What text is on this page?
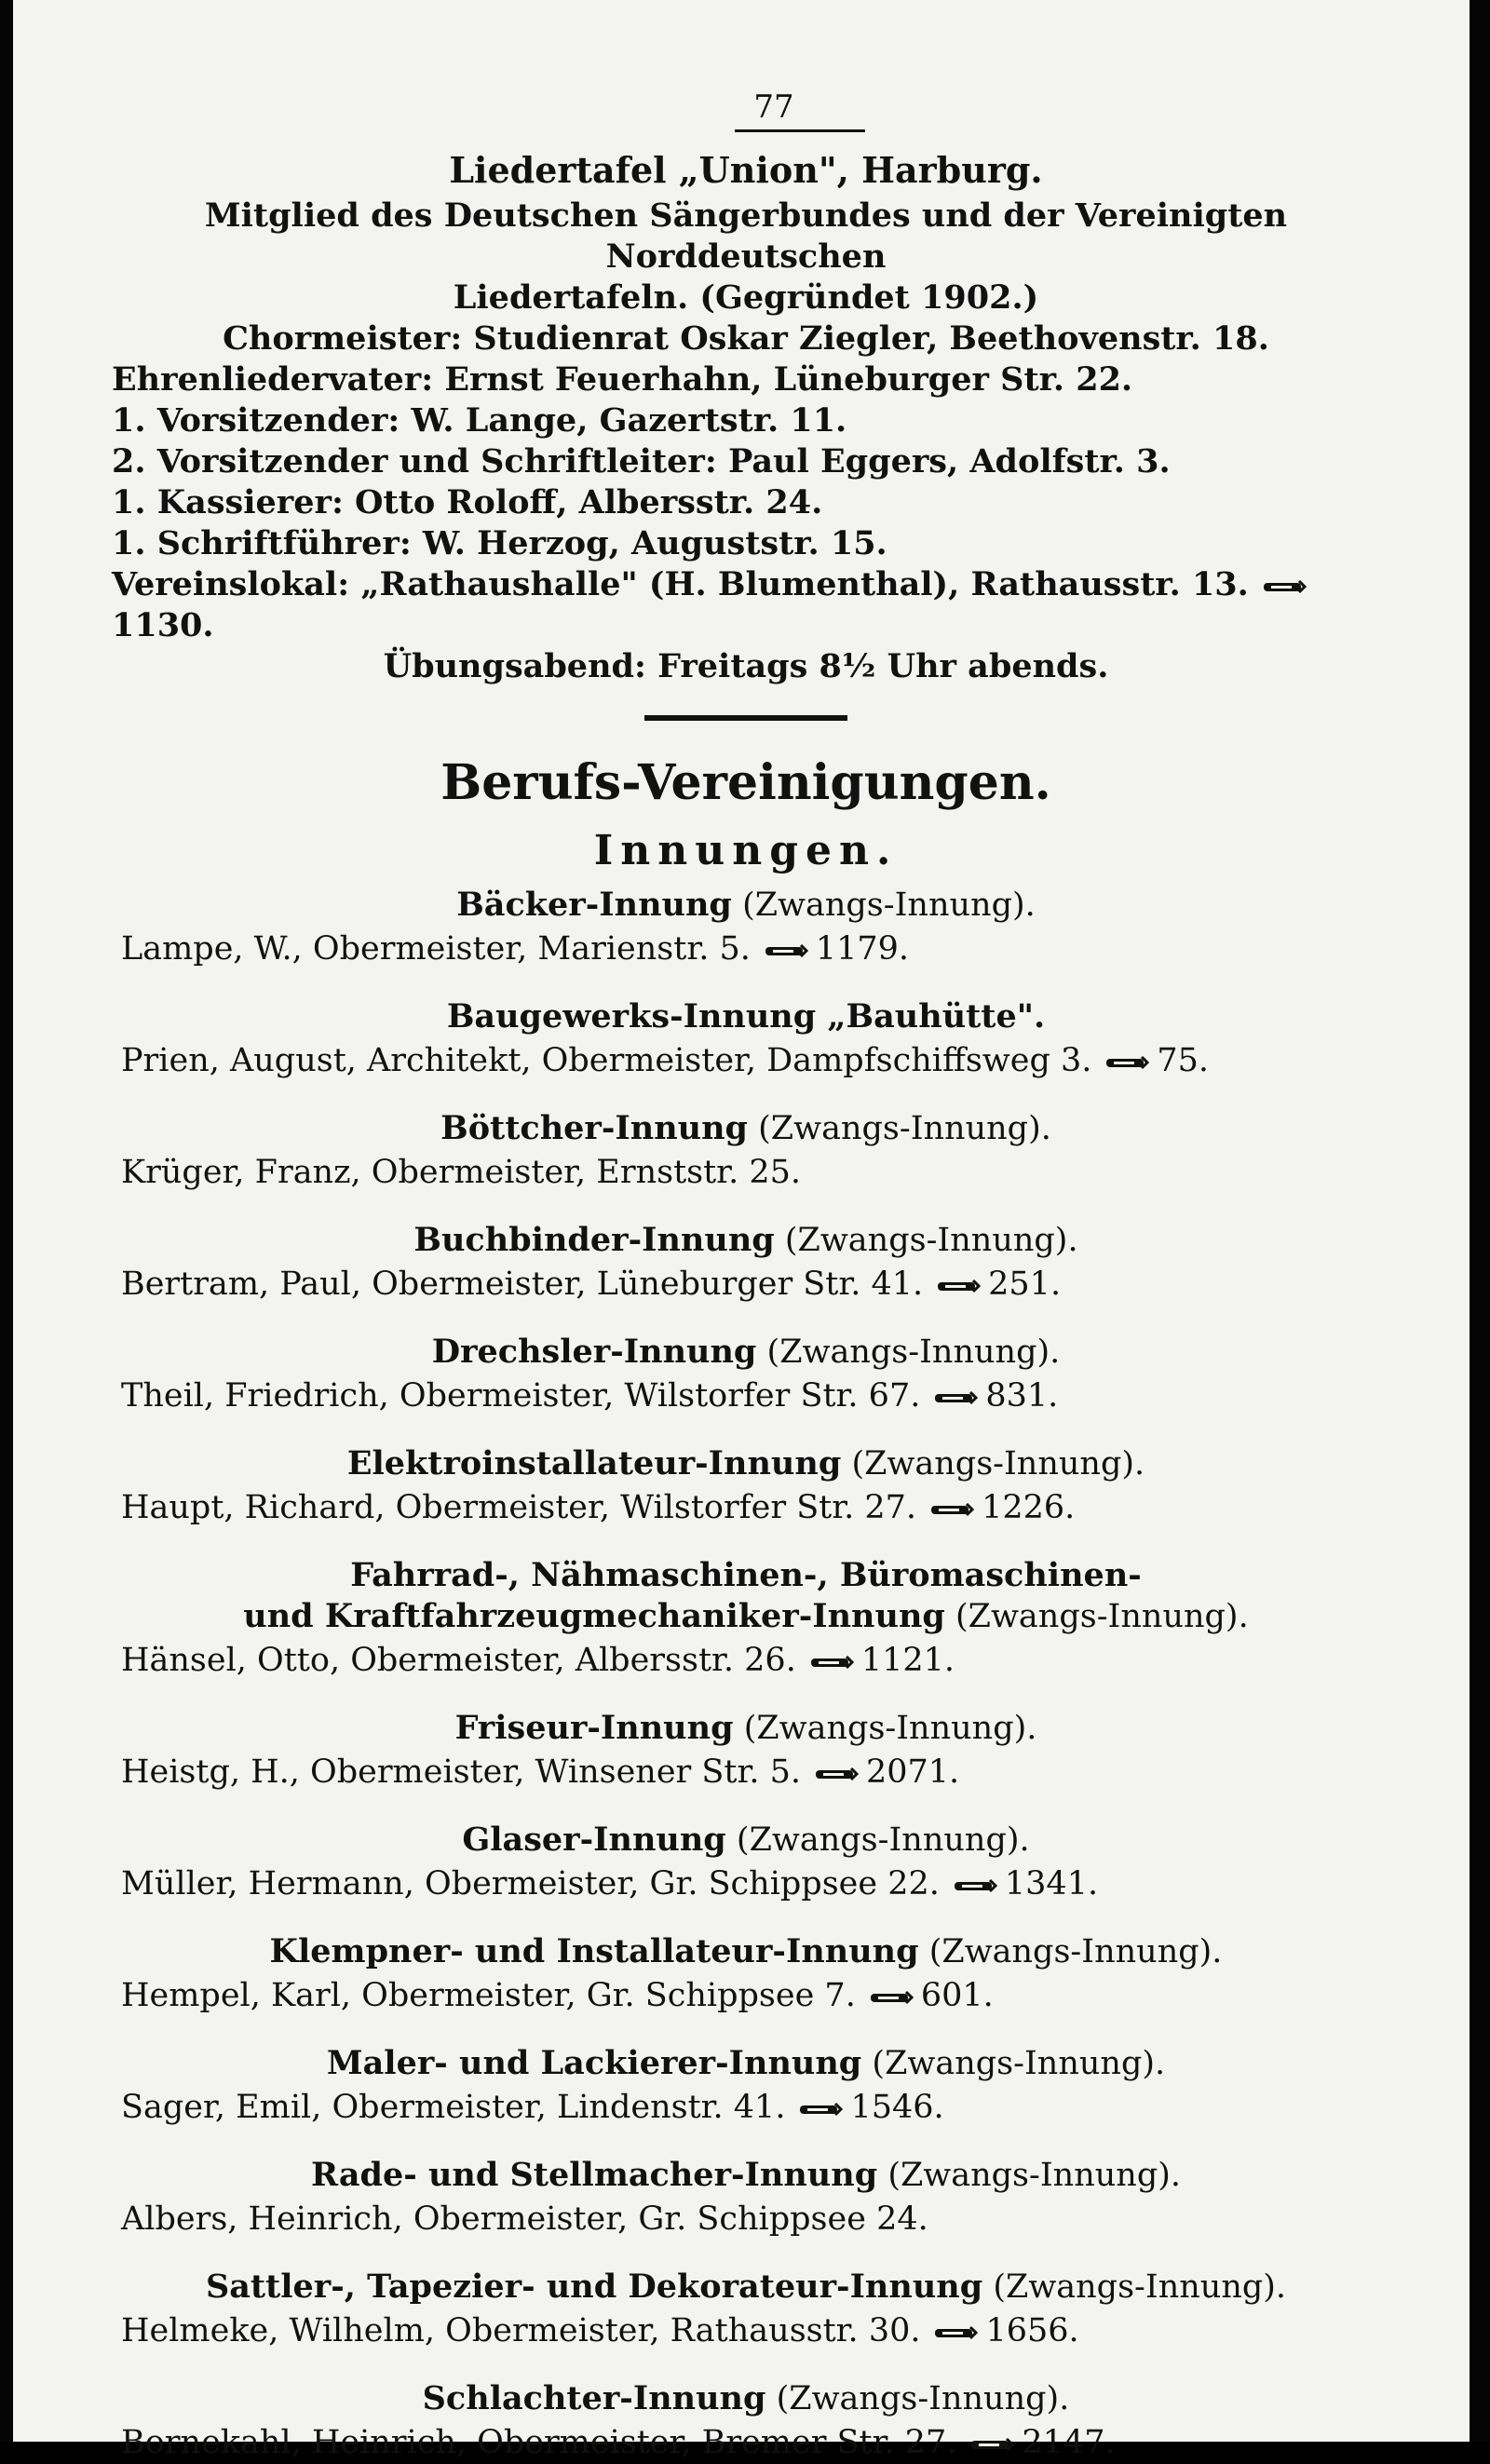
77

Liedertafel „Union", Harburg.

Mitglied des Deutschen Sängerbundes und der Vereinigten Norddeutschen

Liedertafeln. (Gegründet 1902.)

Chormeister: Studienrat Oskar Ziegler, Beethovenstr. 18.

Ehrenliedervater: Ernst Feuerhahn, Lüneburger Str. 22.

1. Vorsitzender: W. Lange, Gazertstr. 11.

2. Vorsitzender und Schriftleiter: Paul Eggers, Adolfstr. 3.

1. Kassierer: Otto Roloff, Albersstr. 24.

1. Schriftführer: W. Herzog, Auguststr. 15.

Vereinslokal: „Rathaushalle" (H. Blumenthal), Rathausstr. 13.1130.

Übungsabend: Freitags 8½ Uhr abends.

Berufs-Vereinigungen.
Innungen.

Bäcker-Innung (Zwangs-Innung).

Lampe, W., Obermeister, Marienstr. 5. 1179.

Baugewerks-Innung „Bauhütte".

Prien, August, Architekt, Obermeister, Dampfschiffsweg 3. 75.

Böttcher-Innung (Zwangs-Innung).

Krüger, Franz, Obermeister, Ernststr. 25.

Buchbinder-Innung (Zwangs-Innung).

Bertram, Paul, Obermeister, Lüneburger Str. 41. 251.

Drechsler-Innung (Zwangs-Innung).

Theil, Friedrich, Obermeister, Wilstorfer Str. 67. 831.

Elektroinstallateur-Innung (Zwangs-Innung).

Haupt, Richard, Obermeister, Wilstorfer Str. 27. 1226.

Fahrrad-, Nähmaschinen-, Büromaschinen-

und Kraftfahrzeugmechaniker-Innung (Zwangs-Innung).

Hänsel, Otto, Obermeister, Albersstr. 26. 1121.

Friseur-Innung (Zwangs-Innung).

Heistg, H., Obermeister, Winsener Str. 5. 2071.

Glaser-Innung (Zwangs-Innung).

Müller, Hermann, Obermeister, Gr. Schippsee 22. 1341.

Klempner- und Installateur-Innung (Zwangs-Innung).

Hempel, Karl, Obermeister, Gr. Schippsee 7. 601.

Maler- und Lackierer-Innung (Zwangs-Innung).

Sager, Emil, Obermeister, Lindenstr. 41. 1546.

Rade- und Stellmacher-Innung (Zwangs-Innung).

Albers, Heinrich, Obermeister, Gr. Schippsee 24.

Sattler-, Tapezier- und Dekorateur-Innung (Zwangs-Innung).

Helmeke, Wilhelm, Obermeister, Rathausstr. 30. 1656.

Schlachter-Innung (Zwangs-Innung).

Bornekahl, Heinrich, Obermeister, Bremer Str. 27. 2147.
